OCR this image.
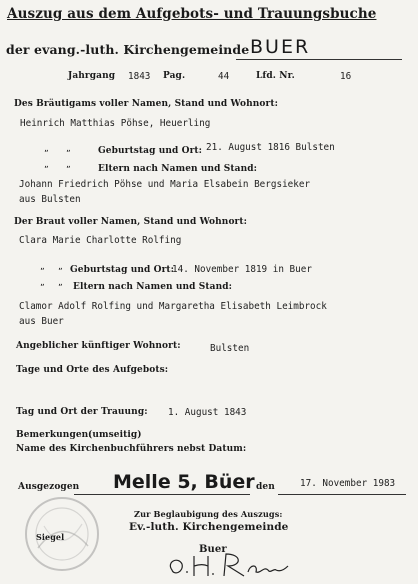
Auszug aus dem Aufgebots- und Trauungsbuche
der evang.-luth. Kirchengemeinde BUER
Jahrgang 1843 Pag.	44	Lfd. Nr.	16
Des Bräutigams voller Namen, Stand und Wohnort:
Heinrich Matthias Pöhse, Heuerling
„ „	Geburtstag und Ort: 21. August 1816 Bulsten
„ „	Eltern nach Namen und Stand:
Johann Friedrich Pöhse und Maria Elsabein Bergsieker
aus Bulsten
Der Braut voller Namen, Stand und Wohnort:
Clara Marie Charlotte Rolfing
„ „ Geburtstag und Ort:
14. November 1819 in Buer
„ „ Eltern nach Namen und Stand:
Clamor Adolf Rolfing und Margaretha Elisabeth Leimbrock
aus Buer
Angeblicher künftiger Wohnort:	Bulsten
Tage und Orte des Aufgebots:
Tag und Ort der Trauung: 1. August 1843
Bemerkungen:
(umseitig)
Name des Kirchenbuchführers nebst Datum:
Ausgezogen Melle 5, Büer den	17. November 1983
Siegel
Zur Beglaubigung des Auszugs:
Ev.-luth. Kirchengemeinde
Buer
